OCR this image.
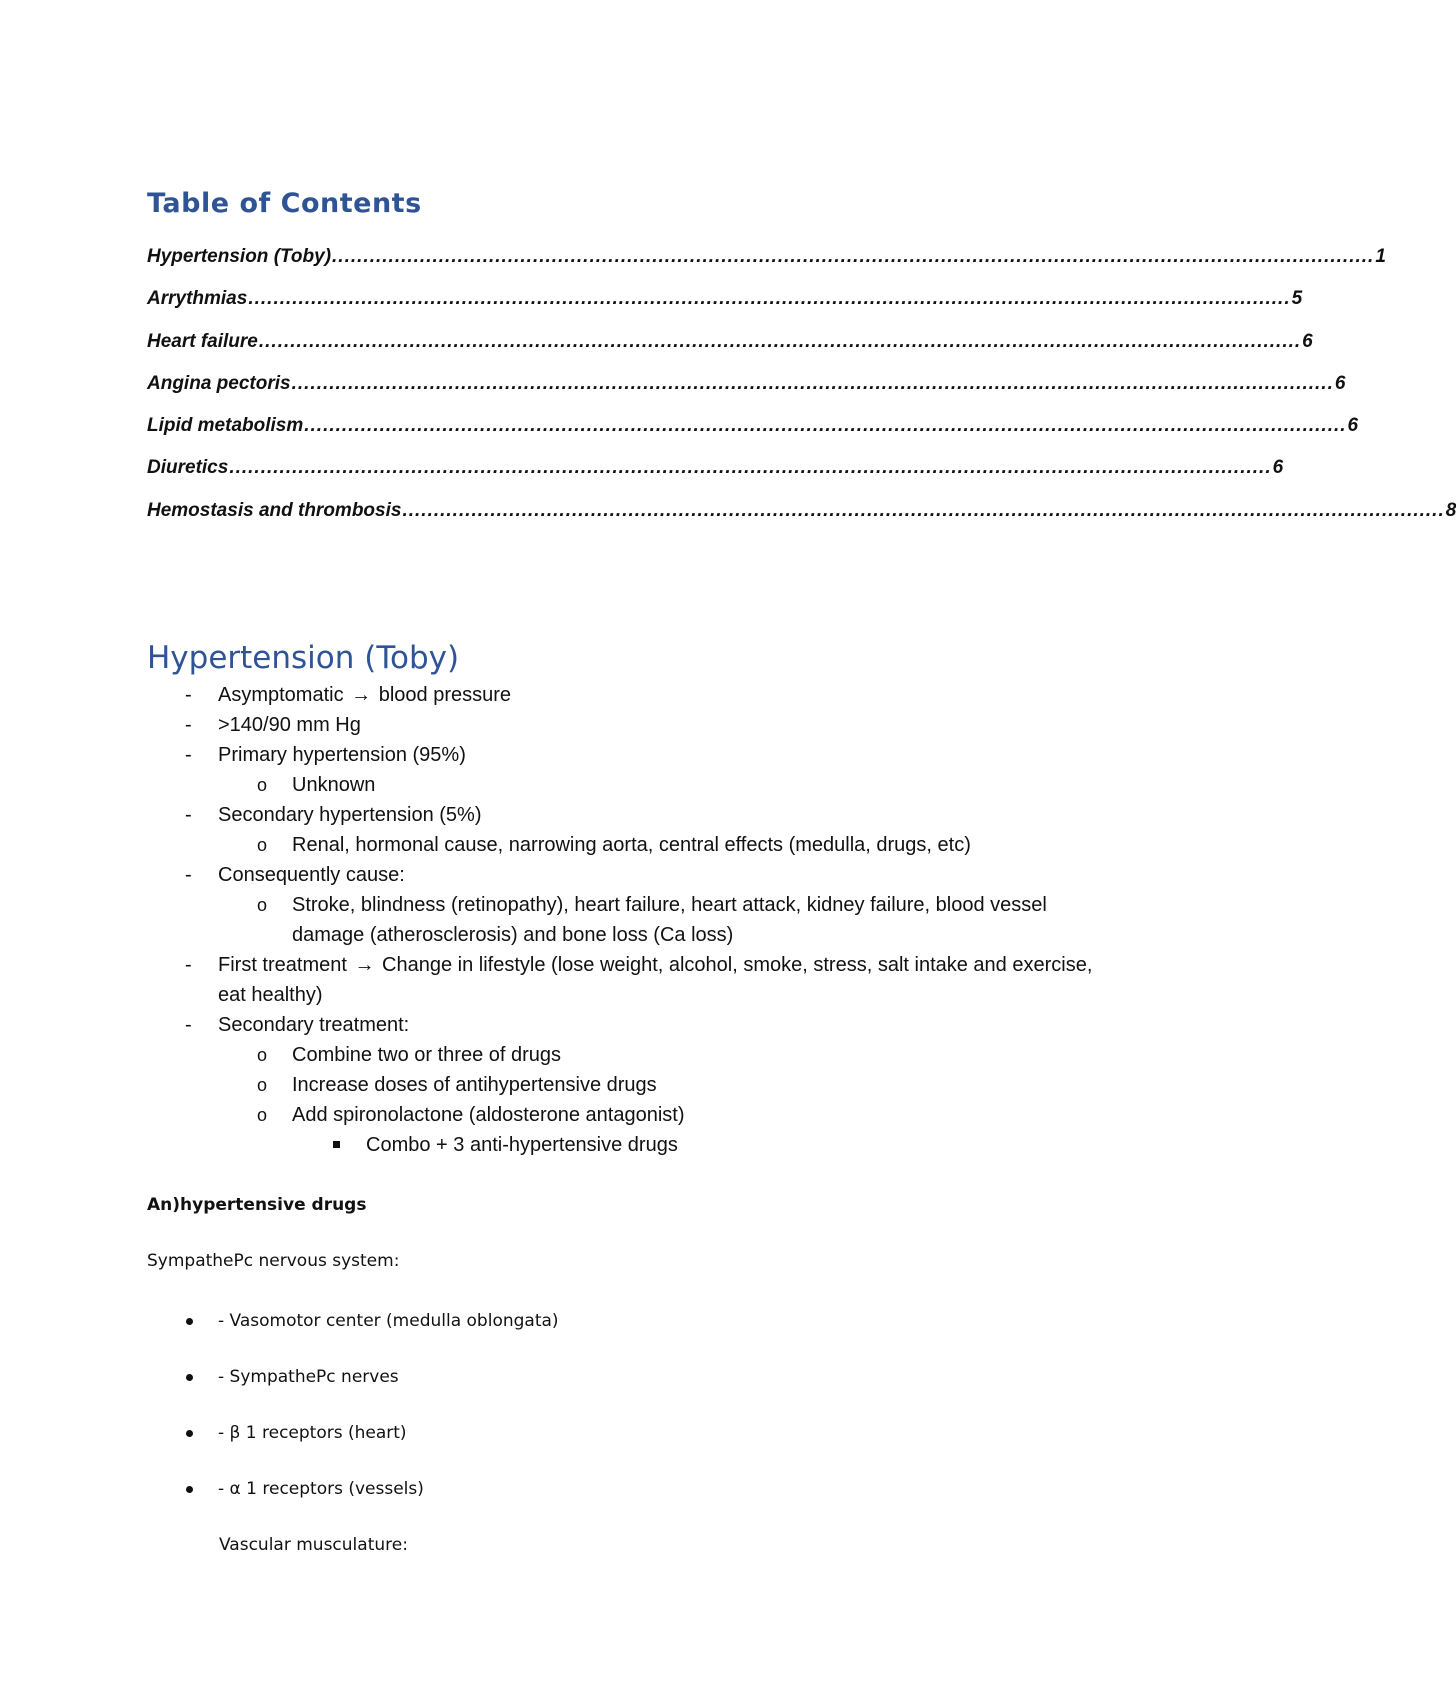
Table of Contents
Hypertension (Toby) ...................................................................................................................................................................... 1
Arrythmias ...................................................................................................................................................................... 5
Heart failure ...................................................................................................................................................................... 6
Angina pectoris ...................................................................................................................................................................... 6
Lipid metabolism ...................................................................................................................................................................... 6
Diuretics ...................................................................................................................................................................... 6
Hemostasis and thrombosis ...................................................................................................................................................................... 8
Hypertension (Toby)
- Asymptomatic → blood pressure
- >140/90 mm Hg
- Primary hypertension (95%)
o Unknown
- Secondary hypertension (5%)
o Renal, hormonal cause, narrowing aorta, central effects (medulla, drugs, etc)
- Consequently cause:
o Stroke, blindness (retinopathy), heart failure, heart attack, kidney failure, blood vessel damage (atherosclerosis) and bone loss (Ca loss)
- First treatment → Change in lifestyle (lose weight, alcohol, smoke, stress, salt intake and exercise, eat healthy)
- Secondary treatment:
o Combine two or three of drugs
o Increase doses of antihypertensive drugs
o Add spironolactone (aldosterone antagonist)
Combo + 3 anti-hypertensive drugs
An)hypertensive drugs

SympathePc nervous system:

- Vasomotor center (medulla oblongata)
- SympathePc nerves
- β 1 receptors (heart)
- α 1 receptors (vessels)

Vascular musculature:
